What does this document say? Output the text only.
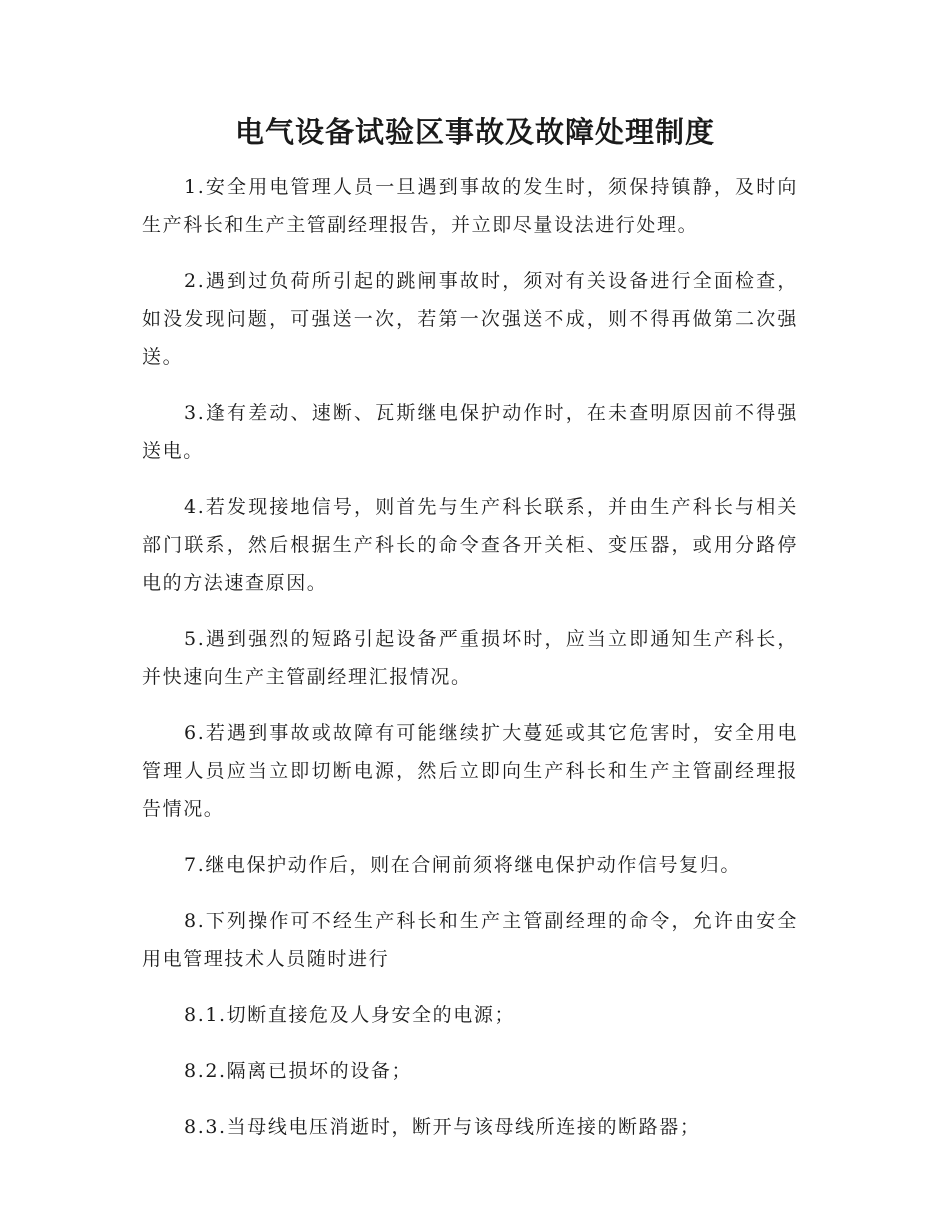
电气设备试验区事故及故障处理制度

1.安全用电管理人员一旦遇到事故的发生时，须保持镇静，及时向生产科长和生产主管副经理报告，并立即尽量设法进行处理。

2.遇到过负荷所引起的跳闸事故时，须对有关设备进行全面检查，如没发现问题，可强送一次，若第一次强送不成，则不得再做第二次强送。

3.逢有差动、速断、瓦斯继电保护动作时，在未查明原因前不得强送电。

4.若发现接地信号，则首先与生产科长联系，并由生产科长与相关部门联系，然后根据生产科长的命令查各开关柜、变压器，或用分路停电的方法速查原因。

5.遇到强烈的短路引起设备严重损坏时，应当立即通知生产科长，并快速向生产主管副经理汇报情况。

6.若遇到事故或故障有可能继续扩大蔓延或其它危害时，安全用电管理人员应当立即切断电源，然后立即向生产科长和生产主管副经理报告情况。

7.继电保护动作后，则在合闸前须将继电保护动作信号复归。

8.下列操作可不经生产科长和生产主管副经理的命令，允许由安全用电管理技术人员随时进行

8.1.切断直接危及人身安全的电源；

8.2.隔离已损坏的设备；

8.3.当母线电压消逝时，断开与该母线所连接的断路器；
